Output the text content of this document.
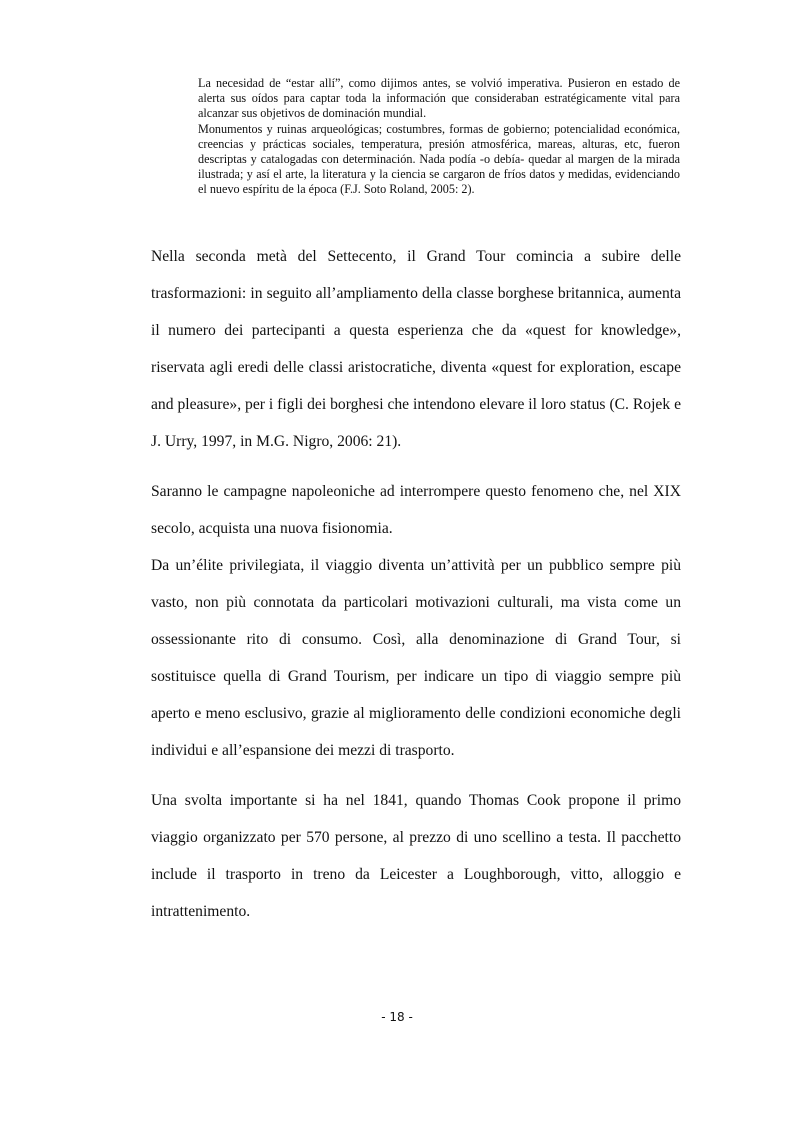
La necesidad de “estar allí”, como dijimos antes, se volvió imperativa. Pusieron en estado de alerta sus oídos para captar toda la información que consideraban estratégicamente vital para alcanzar sus objetivos de dominación mundial.

Monumentos y ruinas arqueológicas; costumbres, formas de gobierno; potencialidad económica, creencias y prácticas sociales, temperatura, presión atmosférica, mareas, alturas, etc, fueron descriptas y catalogadas con determinación. Nada podía -o debía- quedar al margen de la mirada ilustrada; y así el arte, la literatura y la ciencia se cargaron de fríos datos y medidas, evidenciando el nuevo espíritu de la época (F.J. Soto Roland, 2005: 2).

Nella seconda metà del Settecento, il Grand Tour comincia a subire delle trasformazioni: in seguito all’ampliamento della classe borghese britannica, aumenta il numero dei partecipanti a questa esperienza che da «quest for knowledge», riservata agli eredi delle classi aristocratiche, diventa «quest for exploration, escape and pleasure», per i figli dei borghesi che intendono elevare il loro status (C. Rojek e J. Urry, 1997, in M.G. Nigro, 2006: 21).

Saranno le campagne napoleoniche ad interrompere questo fenomeno che, nel XIX secolo, acquista una nuova fisionomia.

Da un’élite privilegiata, il viaggio diventa un’attività per un pubblico sempre più vasto, non più connotata da particolari motivazioni culturali, ma vista come un ossessionante rito di consumo. Così, alla denominazione di Grand Tour, si sostituisce quella di Grand Tourism, per indicare un tipo di viaggio sempre più aperto e meno esclusivo, grazie al miglioramento delle condizioni economiche degli individui e all’espansione dei mezzi di trasporto.

Una svolta importante si ha nel 1841, quando Thomas Cook propone il primo viaggio organizzato per 570 persone, al prezzo di uno scellino a testa. Il pacchetto include il trasporto in treno da Leicester a Loughborough, vitto, alloggio e intrattenimento.

- 18 -
